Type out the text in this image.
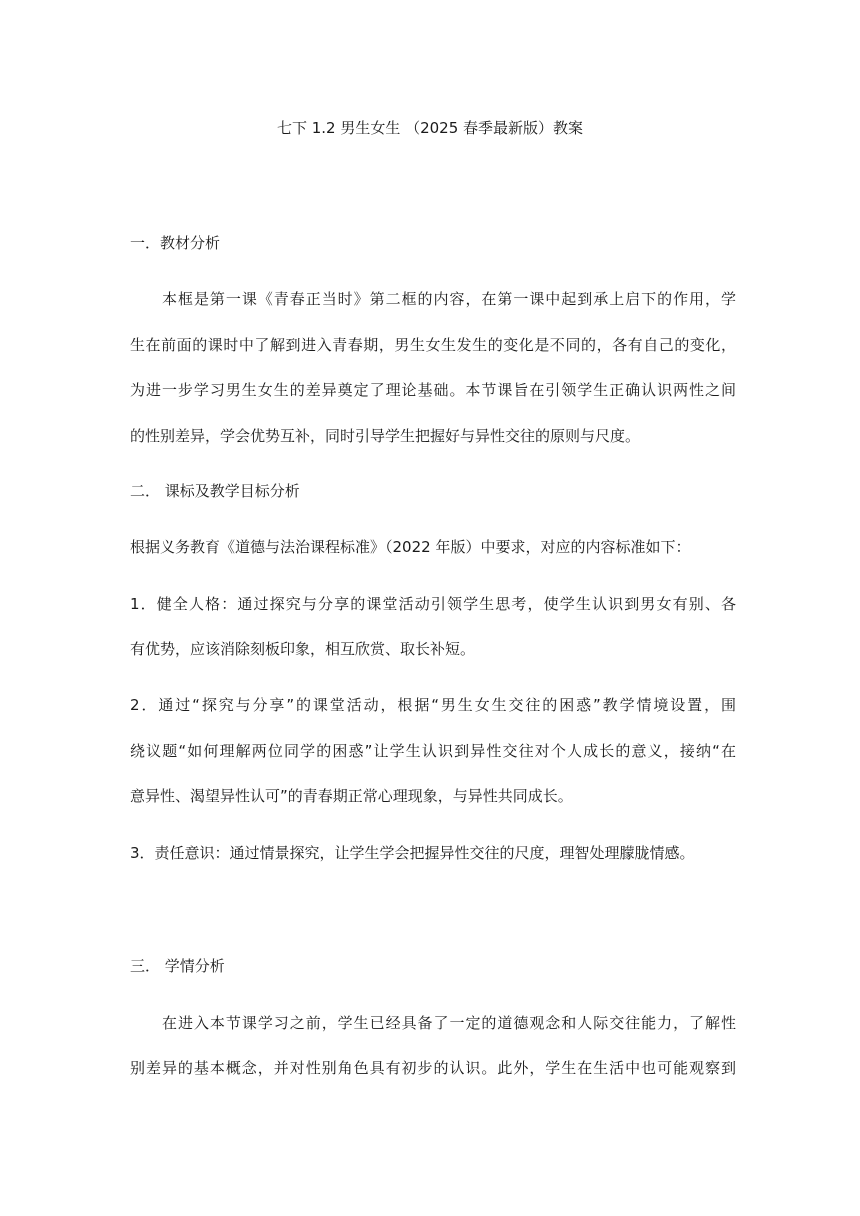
七下 1.2 男生女生 （2025 春季最新版）教案
一．教材分析
本框是第一课《青春正当时》第二框的内容，在第一课中起到承上启下的作用，学
生在前面的课时中了解到进入青春期，男生女生发生的变化是不同的，各有自己的变化，
为进一步学习男生女生的差异奠定了理论基础。本节课旨在引领学生正确认识两性之间
的性别差异，学会优势互补，同时引导学生把握好与异性交往的原则与尺度。
二． 课标及教学目标分析
根据义务教育《道德与法治课程标准》（2022 年版）中要求，对应的内容标准如下：
1．健全人格：通过探究与分享的课堂活动引领学生思考，使学生认识到男女有别、各
有优势，应该消除刻板印象，相互欣赏、取长补短。
2．通过“探究与分享”的课堂活动，根据“男生女生交往的困惑”教学情境设置，围
绕议题“如何理解两位同学的困惑”让学生认识到异性交往对个人成长的意义，接纳“在
意异性、渴望异性认可”的青春期正常心理现象，与异性共同成长。
3．责任意识：通过情景探究，让学生学会把握异性交往的尺度，理智处理朦胧情感。
三． 学情分析
在进入本节课学习之前，学生已经具备了一定的道德观念和人际交往能力，了解性
别差异的基本概念，并对性别角色具有初步的认识。此外，学生在生活中也可能观察到
